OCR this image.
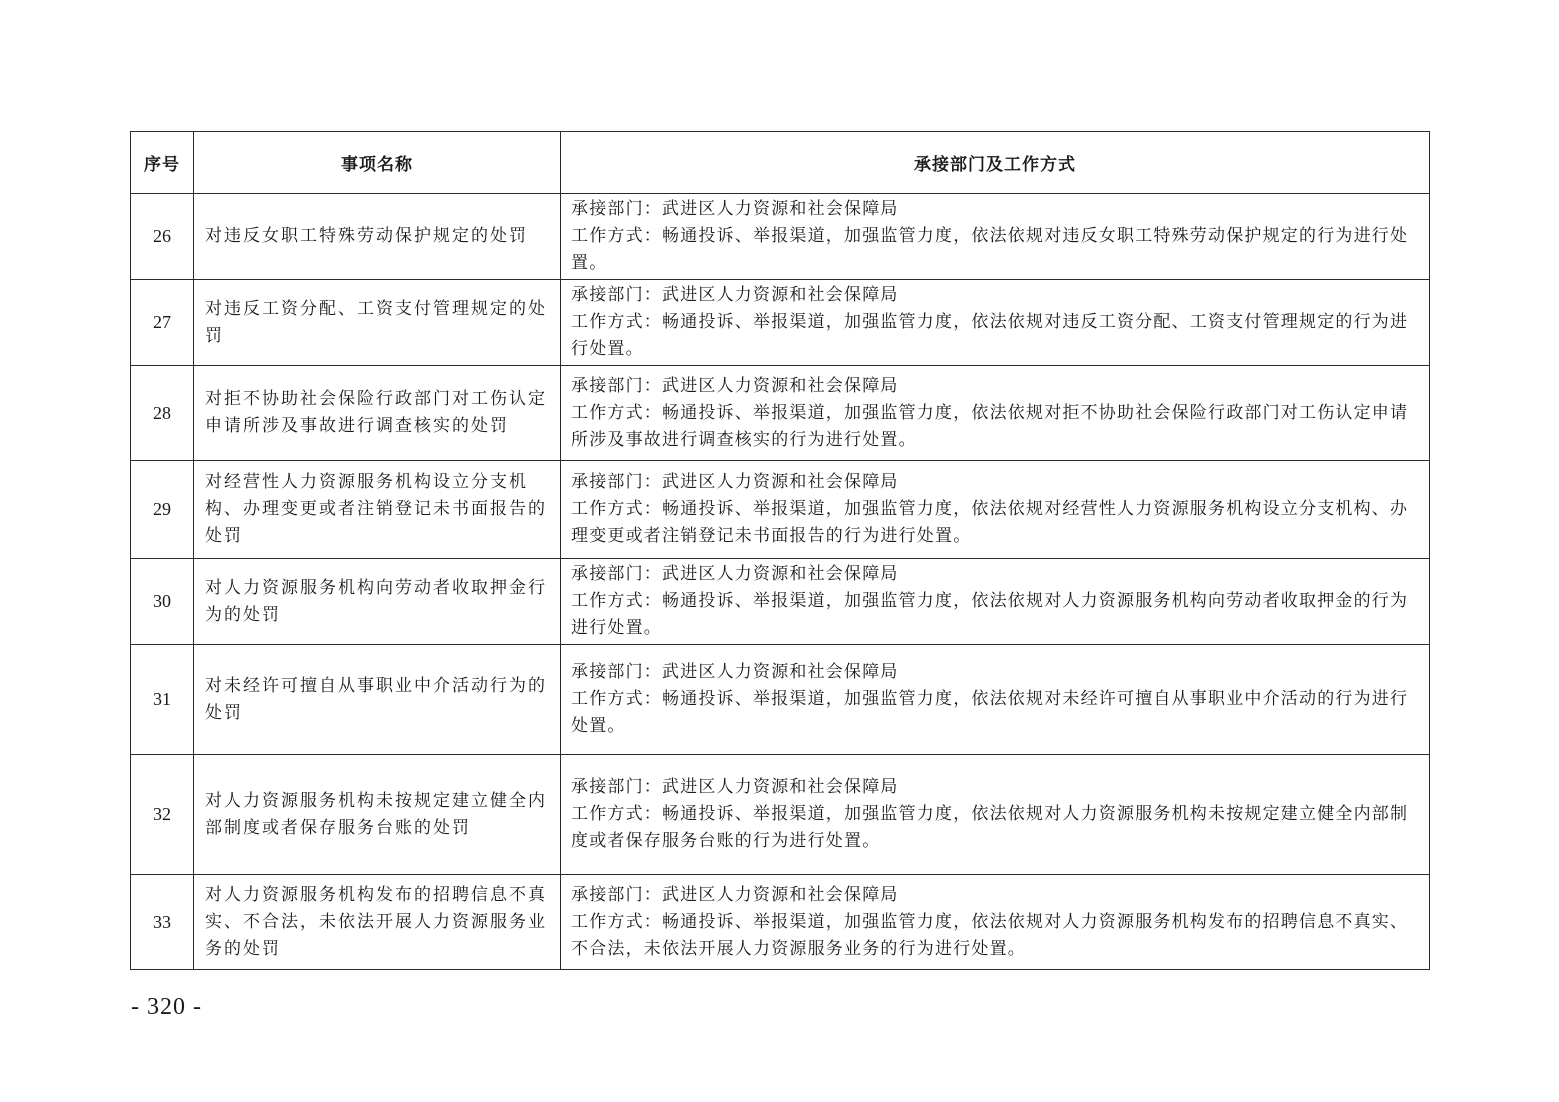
序号	事项名称	承接部门及工作方式
26	对违反女职工特殊劳动保护规定的处罚	承接部门：武进区人力资源和社会保障局
工作方式：畅通投诉、举报渠道，加强监管力度，依法依规对违反女职工特殊劳动保护规定的行为进行处置。

27	对违反工资分配、工资支付管理规定的处罚	承接部门：武进区人力资源和社会保障局
工作方式：畅通投诉、举报渠道，加强监管力度，依法依规对违反工资分配、工资支付管理规定的行为进行处置。

28	对拒不协助社会保险行政部门对工伤认定申请所涉及事故进行调查核实的处罚	承接部门：武进区人力资源和社会保障局
工作方式：畅通投诉、举报渠道，加强监管力度，依法依规对拒不协助社会保险行政部门对工伤认定申请所涉及事故进行调查核实的行为进行处置。

29	对经营性人力资源服务机构设立分支机构、办理变更或者注销登记未书面报告的处罚	承接部门：武进区人力资源和社会保障局
工作方式：畅通投诉、举报渠道，加强监管力度，依法依规对经营性人力资源服务机构设立分支机构、办理变更或者注销登记未书面报告的行为进行处置。

30	对人力资源服务机构向劳动者收取押金行为的处罚	承接部门：武进区人力资源和社会保障局
工作方式：畅通投诉、举报渠道，加强监管力度，依法依规对人力资源服务机构向劳动者收取押金的行为进行处置。

31	对未经许可擅自从事职业中介活动行为的处罚	承接部门：武进区人力资源和社会保障局
工作方式：畅通投诉、举报渠道，加强监管力度，依法依规对未经许可擅自从事职业中介活动的行为进行处置。

32	对人力资源服务机构未按规定建立健全内部制度或者保存服务台账的处罚	承接部门：武进区人力资源和社会保障局
工作方式：畅通投诉、举报渠道，加强监管力度，依法依规对人力资源服务机构未按规定建立健全内部制度或者保存服务台账的行为进行处置。

33	对人力资源服务机构发布的招聘信息不真实、不合法，未依法开展人力资源服务业务的处罚	承接部门：武进区人力资源和社会保障局
工作方式：畅通投诉、举报渠道，加强监管力度，依法依规对人力资源服务机构发布的招聘信息不真实、不合法，未依法开展人力资源服务业务的行为进行处置。
- 320 -
